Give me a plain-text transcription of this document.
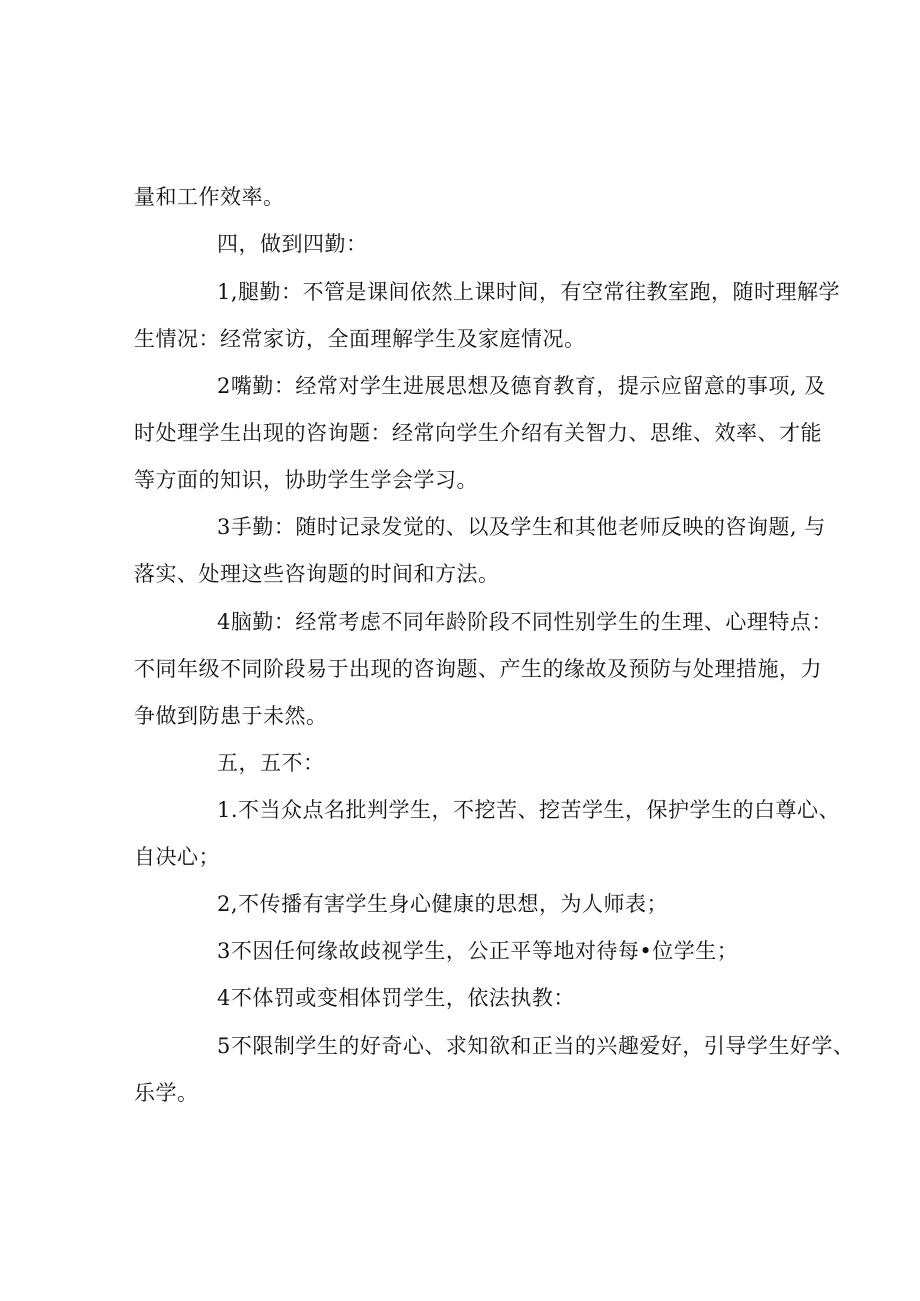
量和工作效率。
四，做到四勤：
1,腿勤：不管是课间依然上课时间，有空常往教室跑，随时理解学
生情况：经常家访，全面理解学生及家庭情况。
2嘴勤：经常对学生进展思想及德育教育，提示应留意的事项, 及
时处理学生出现的咨询题：经常向学生介绍有关智力、思维、效率、才能
等方面的知识，协助学生学会学习。
3手勤：随时记录发觉的、以及学生和其他老师反映的咨询题, 与
落实、处理这些咨询题的时间和方法。
4脑勤：经常考虑不同年龄阶段不同性别学生的生理、心理特点：
不同年级不同阶段易于出现的咨询题、产生的缘故及预防与处理措施，力
争做到防患于未然。
五，五不：
1.不当众点名批判学生，不挖苦、挖苦学生，保护学生的白尊心、
自决心；
2,不传播有害学生身心健康的思想，为人师表；
3不因任何缘故歧视学生，公正平等地对待每•位学生；
4不体罚或变相体罚学生，依法执教：
5不限制学生的好奇心、求知欲和正当的兴趣爱好，引导学生好学、
乐学。
